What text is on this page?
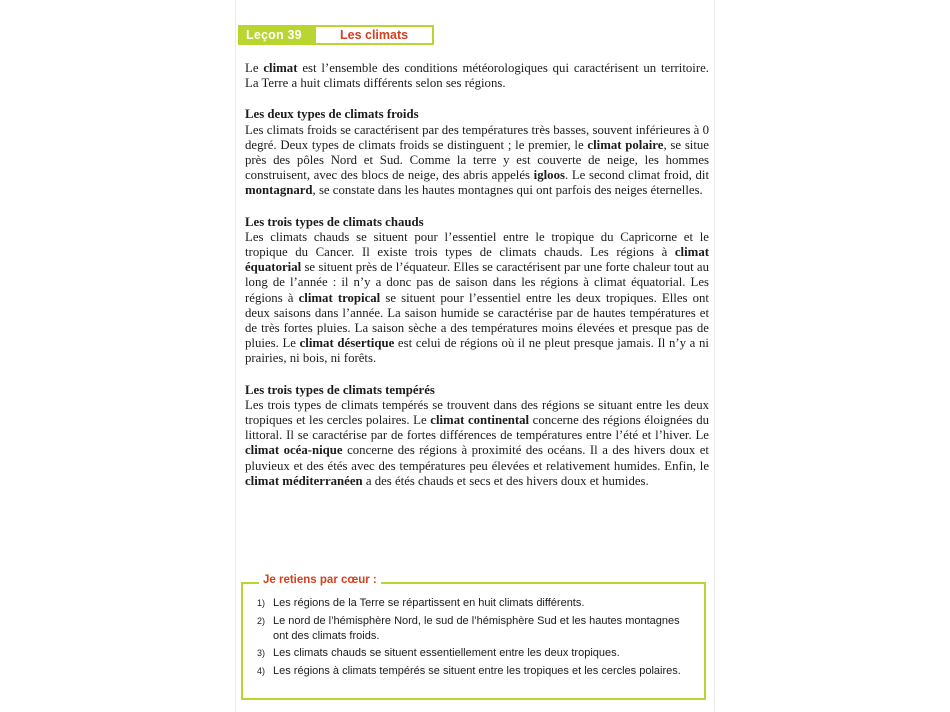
Leçon 39	Les climats

Le climat est l’ensemble des conditions météorologiques qui caractérisent un territoire. La Terre a huit climats différents selon ses régions.

Les deux types de climats froids

Les climats froids se caractérisent par des températures très basses, souvent inférieures à 0 degré. Deux types de climats froids se distinguent ; le premier, le climat polaire, se situe près des pôles Nord et Sud. Comme la terre y est couverte de neige, les hommes construisent, avec des blocs de neige, des abris appelés igloos. Le second climat froid, dit montagnard, se constate dans les hautes montagnes qui ont parfois des neiges éternelles.

Les trois types de climats chauds

Les climats chauds se situent pour l’essentiel entre le tropique du Capricorne et le tropique du Cancer. Il existe trois types de climats chauds. Les régions à climat équatorial se situent près de l’équateur. Elles se caractérisent par une forte chaleur tout au long de l’année : il n’y a donc pas de saison dans les régions à climat équatorial. Les régions à climat tropical se situent pour l’essentiel entre les deux tropiques. Elles ont deux saisons dans l’année. La saison humide se caractérise par de hautes températures et de très fortes pluies. La saison sèche a des températures moins élevées et presque pas de pluies. Le climat désertique est celui de régions où il ne pleut presque jamais. Il n’y a ni prairies, ni bois, ni forêts.

Les trois types de climats tempérés

Les trois types de climats tempérés se trouvent dans des régions se situant entre les deux tropiques et les cercles polaires. Le climat continental concerne des régions éloignées du littoral. Il se caractérise par de fortes différences de températures entre l’été et l’hiver. Le climat océa-nique concerne des régions à proximité des océans. Il a des hivers doux et pluvieux et des étés avec des températures peu élevées et relativement humides. Enfin, le climat méditerranéen a des étés chauds et secs et des hivers doux et humides.

Je retiens par cœur :
1) Les régions de la Terre se répartissent en huit climats différents.
2) Le nord de l’hémisphère Nord, le sud de l’hémisphère Sud et les hautes montagnes ont des climats froids.
3) Les climats chauds se situent essentiellement entre les deux tropiques.
4) Les régions à climats tempérés se situent entre les tropiques et les cercles polaires.
